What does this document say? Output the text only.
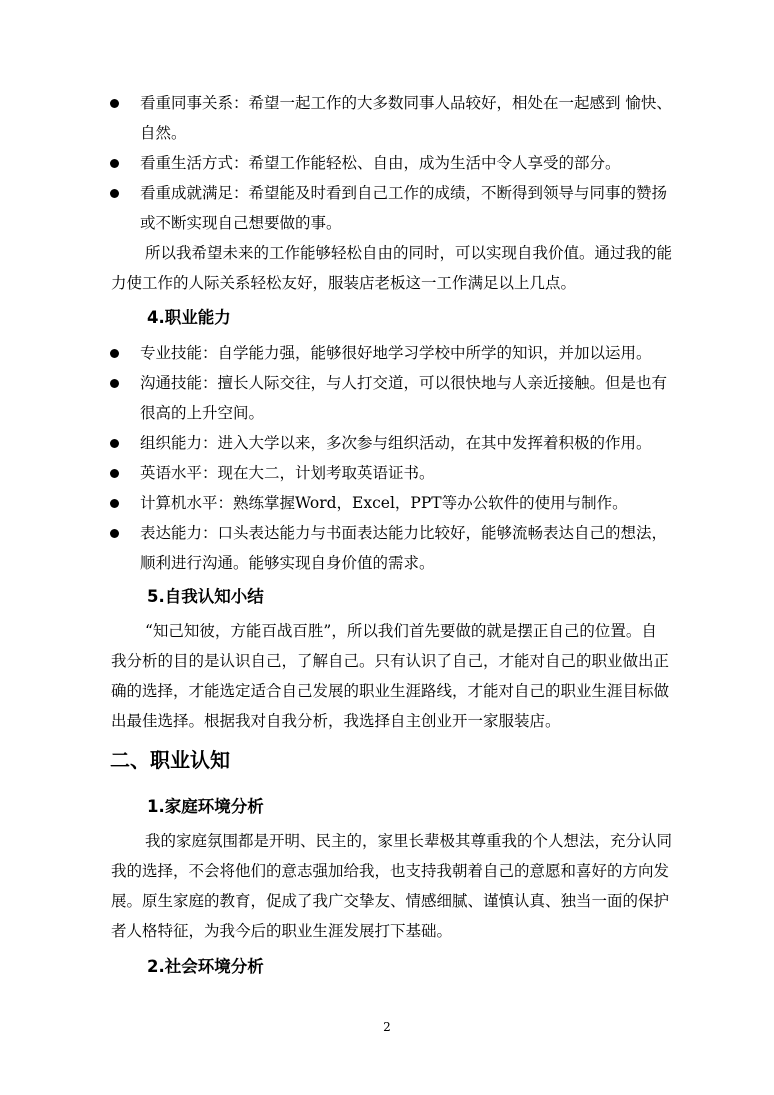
看重同事关系：希望一起工作的大多数同事人品较好，相处在一起感到 愉快、
自然。
看重生活方式：希望工作能轻松、自由，成为生活中令人享受的部分。
看重成就满足：希望能及时看到自己工作的成绩，不断得到领导与同事的赞扬
或不断实现自己想要做的事。
所以我希望未来的工作能够轻松自由的同时，可以实现自我价值。通过我的能
力使工作的人际关系轻松友好，服装店老板这一工作满足以上几点。
4.职业能力
专业技能：自学能力强，能够很好地学习学校中所学的知识，并加以运用。
沟通技能：擅长人际交往，与人打交道，可以很快地与人亲近接触。但是也有
很高的上升空间。
组织能力：进入大学以来，多次参与组织活动，在其中发挥着积极的作用。
英语水平：现在大二，计划考取英语证书。
计算机水平：熟练掌握Word，Excel，PPT等办公软件的使用与制作。
表达能力：口头表达能力与书面表达能力比较好，能够流畅表达自己的想法，
顺利进行沟通。能够实现自身价值的需求。
5.自我认知小结
“知己知彼，方能百战百胜”，所以我们首先要做的就是摆正自己的位置。自
我分析的目的是认识自己，了解自己。只有认识了自己，才能对自己的职业做出正
确的选择，才能选定适合自己发展的职业生涯路线，才能对自己的职业生涯目标做
出最佳选择。根据我对自我分析，我选择自主创业开一家服装店。
二、职业认知
1.家庭环境分析
我的家庭氛围都是开明、民主的，家里长辈极其尊重我的个人想法，充分认同
我的选择，不会将他们的意志强加给我，也支持我朝着自己的意愿和喜好的方向发
展。原生家庭的教育，促成了我广交挚友、情感细腻、谨慎认真、独当一面的保护
者人格特征，为我今后的职业生涯发展打下基础。
2.社会环境分析
2
